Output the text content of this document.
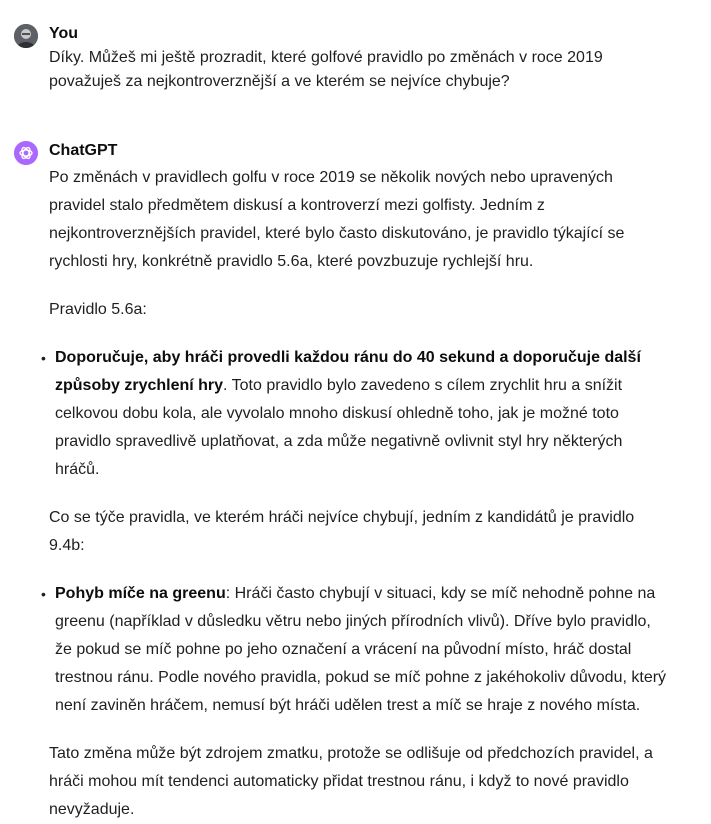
You
Díky. Můžeš mi ještě prozradit, které golfové pravidlo po změnách v roce 2019 považuješ za nejkontroverznější a ve kterém se nejvíce chybuje?
ChatGPT

Po změnách v pravidlech golfu v roce 2019 se několik nových nebo upravených pravidel stalo předmětem diskusí a kontroverzí mezi golfisty. Jedním z nejkontroverznějších pravidel, které bylo často diskutováno, je pravidlo týkající se rychlosti hry, konkrétně pravidlo 5.6a, které povzbuzuje rychlejší hru.

Pravidlo 5.6a:

• Doporučuje, aby hráči provedli každou ránu do 40 sekund a doporučuje další způsoby zrychlení hry. Toto pravidlo bylo zavedeno s cílem zrychlit hru a snížit celkovou dobu kola, ale vyvolalo mnoho diskusí ohledně toho, jak je možné toto pravidlo spravedlivě uplatňovat, a zda může negativně ovlivnit styl hry některých hráčů.

Co se týče pravidla, ve kterém hráči nejvíce chybují, jedním z kandidátů je pravidlo 9.4b:

• Pohyb míče na greenu: Hráči často chybují v situaci, kdy se míč nehodně pohne na greenu (například v důsledku větru nebo jiných přírodních vlivů). Dříve bylo pravidlo, že pokud se míč pohne po jeho označení a vrácení na původní místo, hráč dostal trestnou ránu. Podle nového pravidla, pokud se míč pohne z jakéhokoliv důvodu, který není zaviněn hráčem, nemusí být hráči udělen trest a míč se hraje z nového místa.

Tato změna může být zdrojem zmatku, protože se odlišuje od předchozích pravidel, a hráči mohou mít tendenci automaticky přidat trestnou ránu, i když to nové pravidlo nevyžaduje.
